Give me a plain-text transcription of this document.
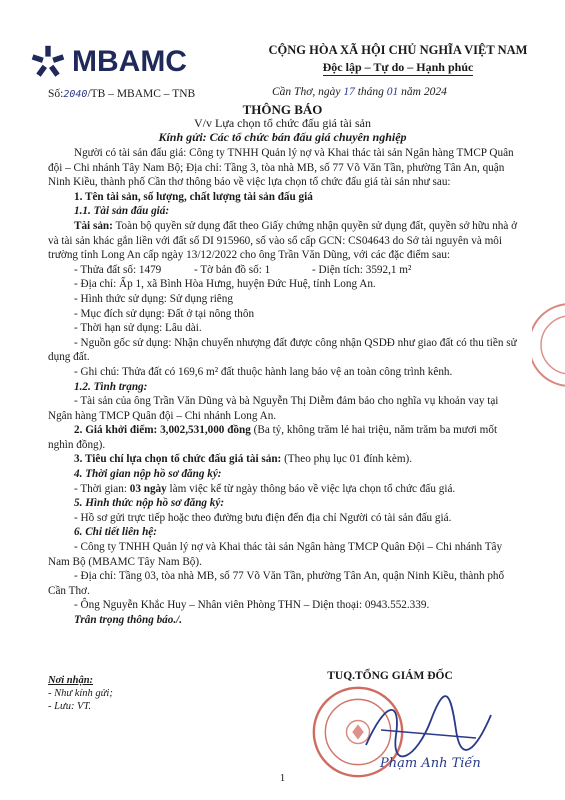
MBAMC	CỘNG HÒA XÃ HỘI CHỦ NGHĨA VIỆT NAM
Độc lập – Tự do – Hạnh phúc
Số:2040/TB – MBAMC – TNB	Cần Thơ, ngày 17 tháng 01 năm 2024
THÔNG BÁO
V/v Lựa chọn tổ chức đấu giá tài sản
Kính gửi: Các tổ chức bán đấu giá chuyên nghiệp

Người có tài sản đấu giá: Công ty TNHH Quản lý nợ và Khai thác tài sản Ngân hàng TMCP Quân đội – Chi nhánh Tây Nam Bộ; Địa chỉ: Tầng 3, tòa nhà MB, số 77 Võ Văn Tần, phường Tân An, quận Ninh Kiều, thành phố Cần thơ thông báo về việc lựa chọn tổ chức đấu giá tài sản như sau:

1. Tên tài sản, số lượng, chất lượng tài sản đấu giá

1.1. Tài sản đấu giá:

Tài sản: Toàn bộ quyền sử dụng đất theo Giấy chứng nhận quyền sử dụng đất, quyền sở hữu nhà ở và tài sản khác gắn liền với đất số DI 915960, số vào sổ cấp GCN: CS04643 do Sở tài nguyên và môi trường tỉnh Long An cấp ngày 13/12/2022 cho ông Trần Văn Dũng, với các đặc điểm sau:

- Thửa đất số: 1479	- Tờ bản đồ số: 1	- Diện tích: 3592,1 m²

- Địa chỉ: Ấp 1, xã Bình Hòa Hưng, huyện Đức Huệ, tỉnh Long An.

- Hình thức sử dụng: Sử dụng riêng

- Mục đích sử dụng: Đất ở tại nông thôn

- Thời hạn sử dụng: Lâu dài.

- Nguồn gốc sử dụng: Nhận chuyển nhượng đất được công nhận QSDĐ như giao đất có thu tiền sử dụng đất.

- Ghi chú: Thửa đất có 169,6 m² đất thuộc hành lang bảo vệ an toàn công trình kênh.

1.2. Tình trạng:

- Tài sản của ông Trần Văn Dũng và bà Nguyễn Thị Diễm đảm bảo cho nghĩa vụ khoản vay tại Ngân hàng TMCP Quân đội – Chi nhánh Long An.

2. Giá khởi điểm: 3,002,531,000 đồng (Ba tỷ, không trăm lẻ hai triệu, năm trăm ba mươi mốt nghìn đồng).

3. Tiêu chí lựa chọn tổ chức đấu giá tài sản: (Theo phụ lục 01 đính kèm).

4. Thời gian nộp hồ sơ đăng ký:

- Thời gian: 03 ngày làm việc kể từ ngày thông báo về việc lựa chọn tổ chức đấu giá.

5. Hình thức nộp hồ sơ đăng ký:

- Hồ sơ gửi trực tiếp hoặc theo đường bưu điện đến địa chỉ Người có tài sản đấu giá.

6. Chi tiết liên hệ:

- Công ty TNHH Quản lý nợ và Khai thác tài sản Ngân hàng TMCP Quân Đội – Chi nhánh Tây Nam Bộ (MBAMC Tây Nam Bộ).

- Địa chỉ: Tầng 03, tòa nhà MB, số 77 Võ Văn Tần, phường Tân An, quận Ninh Kiều, thành phố Cần Thơ.

- Ông Nguyễn Khắc Huy – Nhân viên Phòng THN – Diện thoại: 0943.552.339.

Trân trọng thông báo./.

Nơi nhận:
- Như kính gửi;
- Lưu: VT.
TUQ.TỔNG GIÁM ĐỐC
Phạm Anh Tiến
1
